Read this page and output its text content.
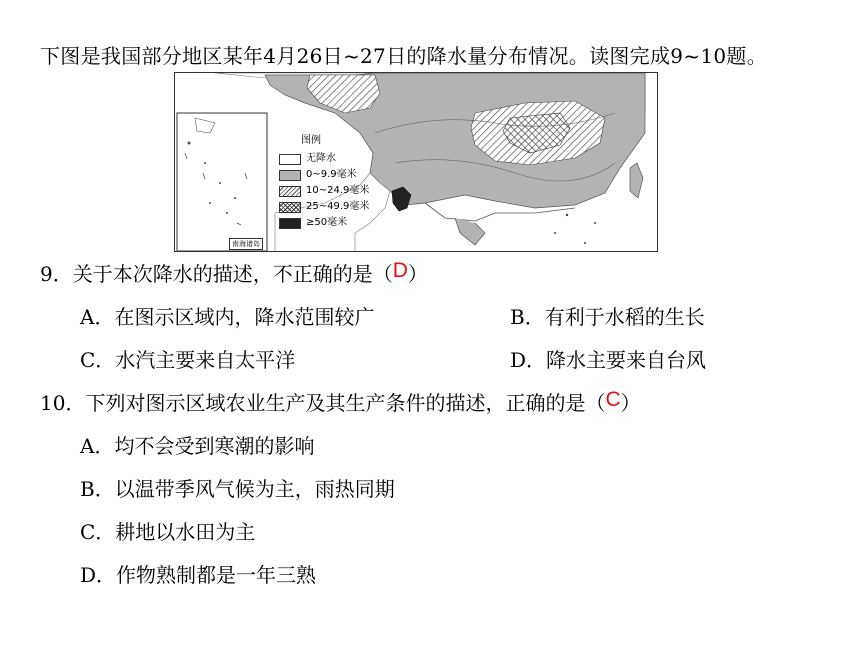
下图是我国部分地区某年4月26日~27日的降水量分布情况。读图完成9~10题。
图例
无降水
0~9.9毫米
10~24.9毫米
25~49.9毫米
≥50毫米
南海诸岛
9．关于本次降水的描述，不正确的是（D）
A．在图示区域内，降水范围较广	B．有利于水稻的生长
C．水汽主要来自太平洋	D．降水主要来自台风
10．下列对图示区域农业生产及其生产条件的描述，正确的是（C）
A．均不会受到寒潮的影响
B．以温带季风气候为主，雨热同期
C．耕地以水田为主
D．作物熟制都是一年三熟
